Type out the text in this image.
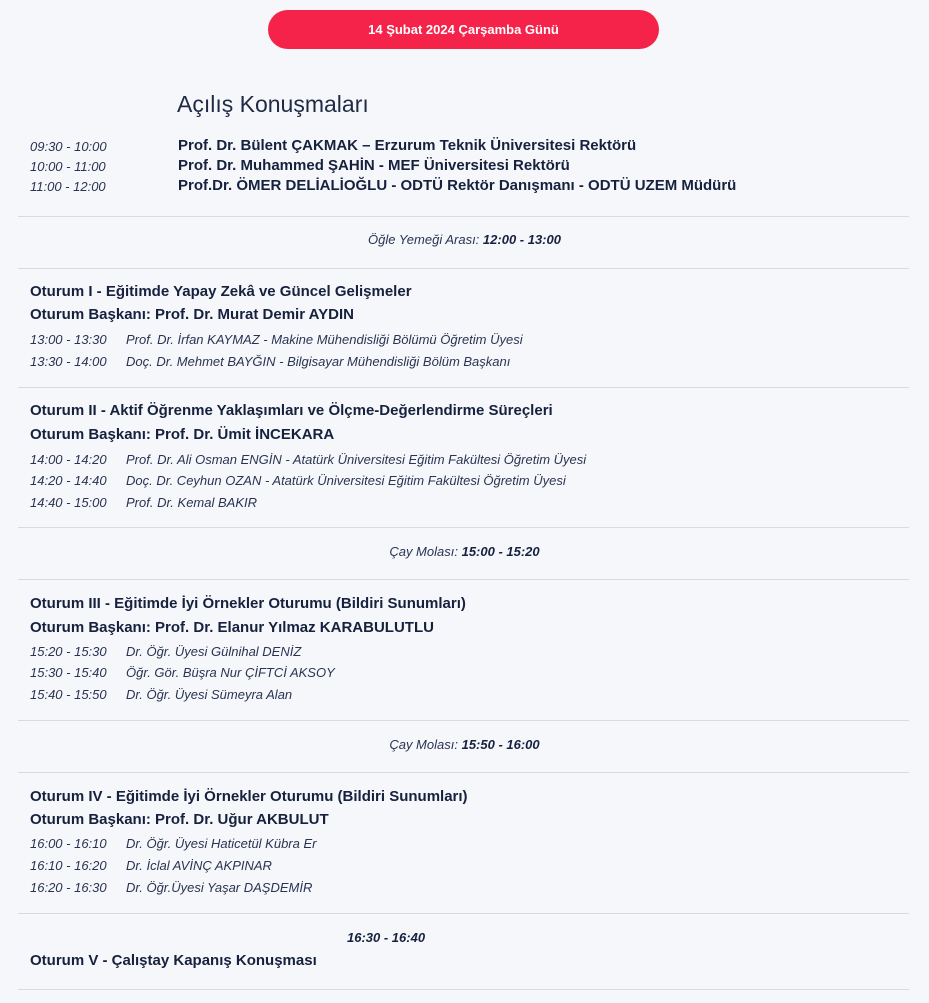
14 Şubat 2024 Çarşamba Günü
Açılış Konuşmaları
09:30 - 10:00	Prof. Dr. Bülent ÇAKMAK – Erzurum Teknik Üniversitesi Rektörü
10:00 - 11:00	Prof. Dr. Muhammed ŞAHİN - MEF Üniversitesi Rektörü
11:00 - 12:00	Prof.Dr. ÖMER DELİALİOĞLU - ODTÜ Rektör Danışmanı - ODTÜ UZEM Müdürü
Öğle Yemeği Arası: 12:00 - 13:00
Oturum I - Eğitimde Yapay Zekâ ve Güncel Gelişmeler
Oturum Başkanı: Prof. Dr. Murat Demir AYDIN
13:00 - 13:30 Prof. Dr. İrfan KAYMAZ - Makine Mühendisliği Bölümü Öğretim Üyesi
13:30 - 14:00 Doç. Dr. Mehmet BAYĞIN - Bilgisayar Mühendisliği Bölüm Başkanı
Oturum II - Aktif Öğrenme Yaklaşımları ve Ölçme-Değerlendirme Süreçleri
Oturum Başkanı: Prof. Dr. Ümit İNCEKARA
14:00 - 14:20 Prof. Dr. Ali Osman ENGİN - Atatürk Üniversitesi Eğitim Fakültesi Öğretim Üyesi
14:20 - 14:40 Doç. Dr. Ceyhun OZAN - Atatürk Üniversitesi Eğitim Fakültesi Öğretim Üyesi
14:40 - 15:00 Prof. Dr. Kemal BAKIR
Çay Molası: 15:00 - 15:20
Oturum III - Eğitimde İyi Örnekler Oturumu (Bildiri Sunumları)
Oturum Başkanı: Prof. Dr. Elanur Yılmaz KARABULUTLU
15:20 - 15:30 Dr. Öğr. Üyesi Gülnihal DENİZ
15:30 - 15:40 Öğr. Gör. Büşra Nur ÇİFTCİ AKSOY
15:40 - 15:50 Dr. Öğr. Üyesi Sümeyra Alan
Çay Molası: 15:50 - 16:00
Oturum IV - Eğitimde İyi Örnekler Oturumu (Bildiri Sunumları)
Oturum Başkanı: Prof. Dr. Uğur AKBULUT
16:00 - 16:10 Dr. Öğr. Üyesi Haticetül Kübra Er
16:10 - 16:20 Dr. İclal AVİNÇ AKPINAR
16:20 - 16:30 Dr. Öğr.Üyesi Yaşar DAŞDEMİR
16:30 - 16:40
Oturum V - Çalıştay Kapanış Konuşması
